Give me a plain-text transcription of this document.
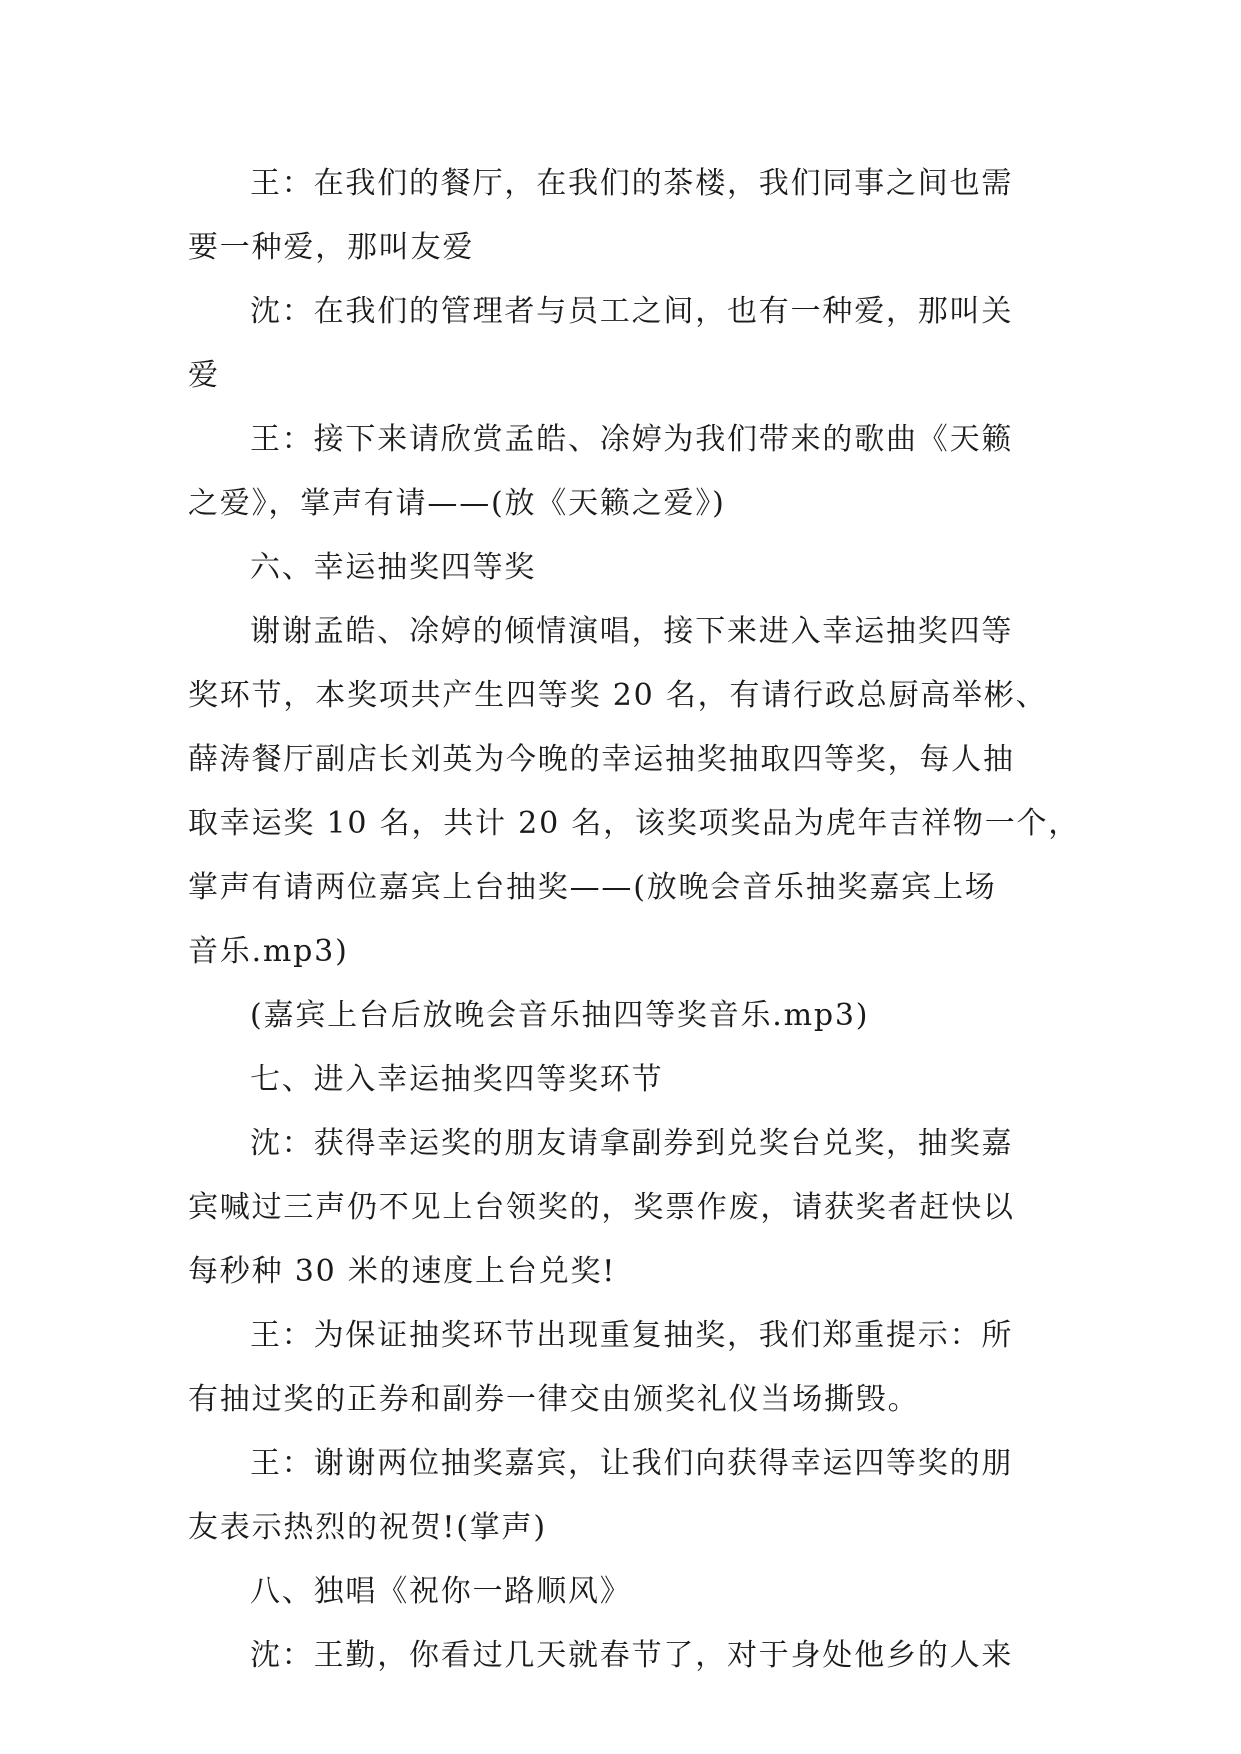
王：在我们的餐厅，在我们的茶楼，我们同事之间也需
要一种爱，那叫友爱
沈：在我们的管理者与员工之间，也有一种爱，那叫关
爱
王：接下来请欣赏孟皓、凃婷为我们带来的歌曲《天籁
之爱》，掌声有请——(放《天籁之爱》)
六、幸运抽奖四等奖
谢谢孟皓、凃婷的倾情演唱，接下来进入幸运抽奖四等
奖环节，本奖项共产生四等奖 20 名，有请行政总厨高举彬、
薛涛餐厅副店长刘英为今晚的幸运抽奖抽取四等奖，每人抽
取幸运奖 10 名，共计 20 名，该奖项奖品为虎年吉祥物一个，
掌声有请两位嘉宾上台抽奖——(放晚会音乐抽奖嘉宾上场
音乐.mp3)
(嘉宾上台后放晚会音乐抽四等奖音乐.mp3)
七、进入幸运抽奖四等奖环节
沈：获得幸运奖的朋友请拿副券到兑奖台兑奖，抽奖嘉
宾喊过三声仍不见上台领奖的，奖票作废，请获奖者赶快以
每秒种 30 米的速度上台兑奖!
王：为保证抽奖环节出现重复抽奖，我们郑重提示：所
有抽过奖的正券和副券一律交由颁奖礼仪当场撕毁。
王：谢谢两位抽奖嘉宾，让我们向获得幸运四等奖的朋
友表示热烈的祝贺!(掌声)
八、独唱《祝你一路顺风》
沈：王勤，你看过几天就春节了，对于身处他乡的人来
